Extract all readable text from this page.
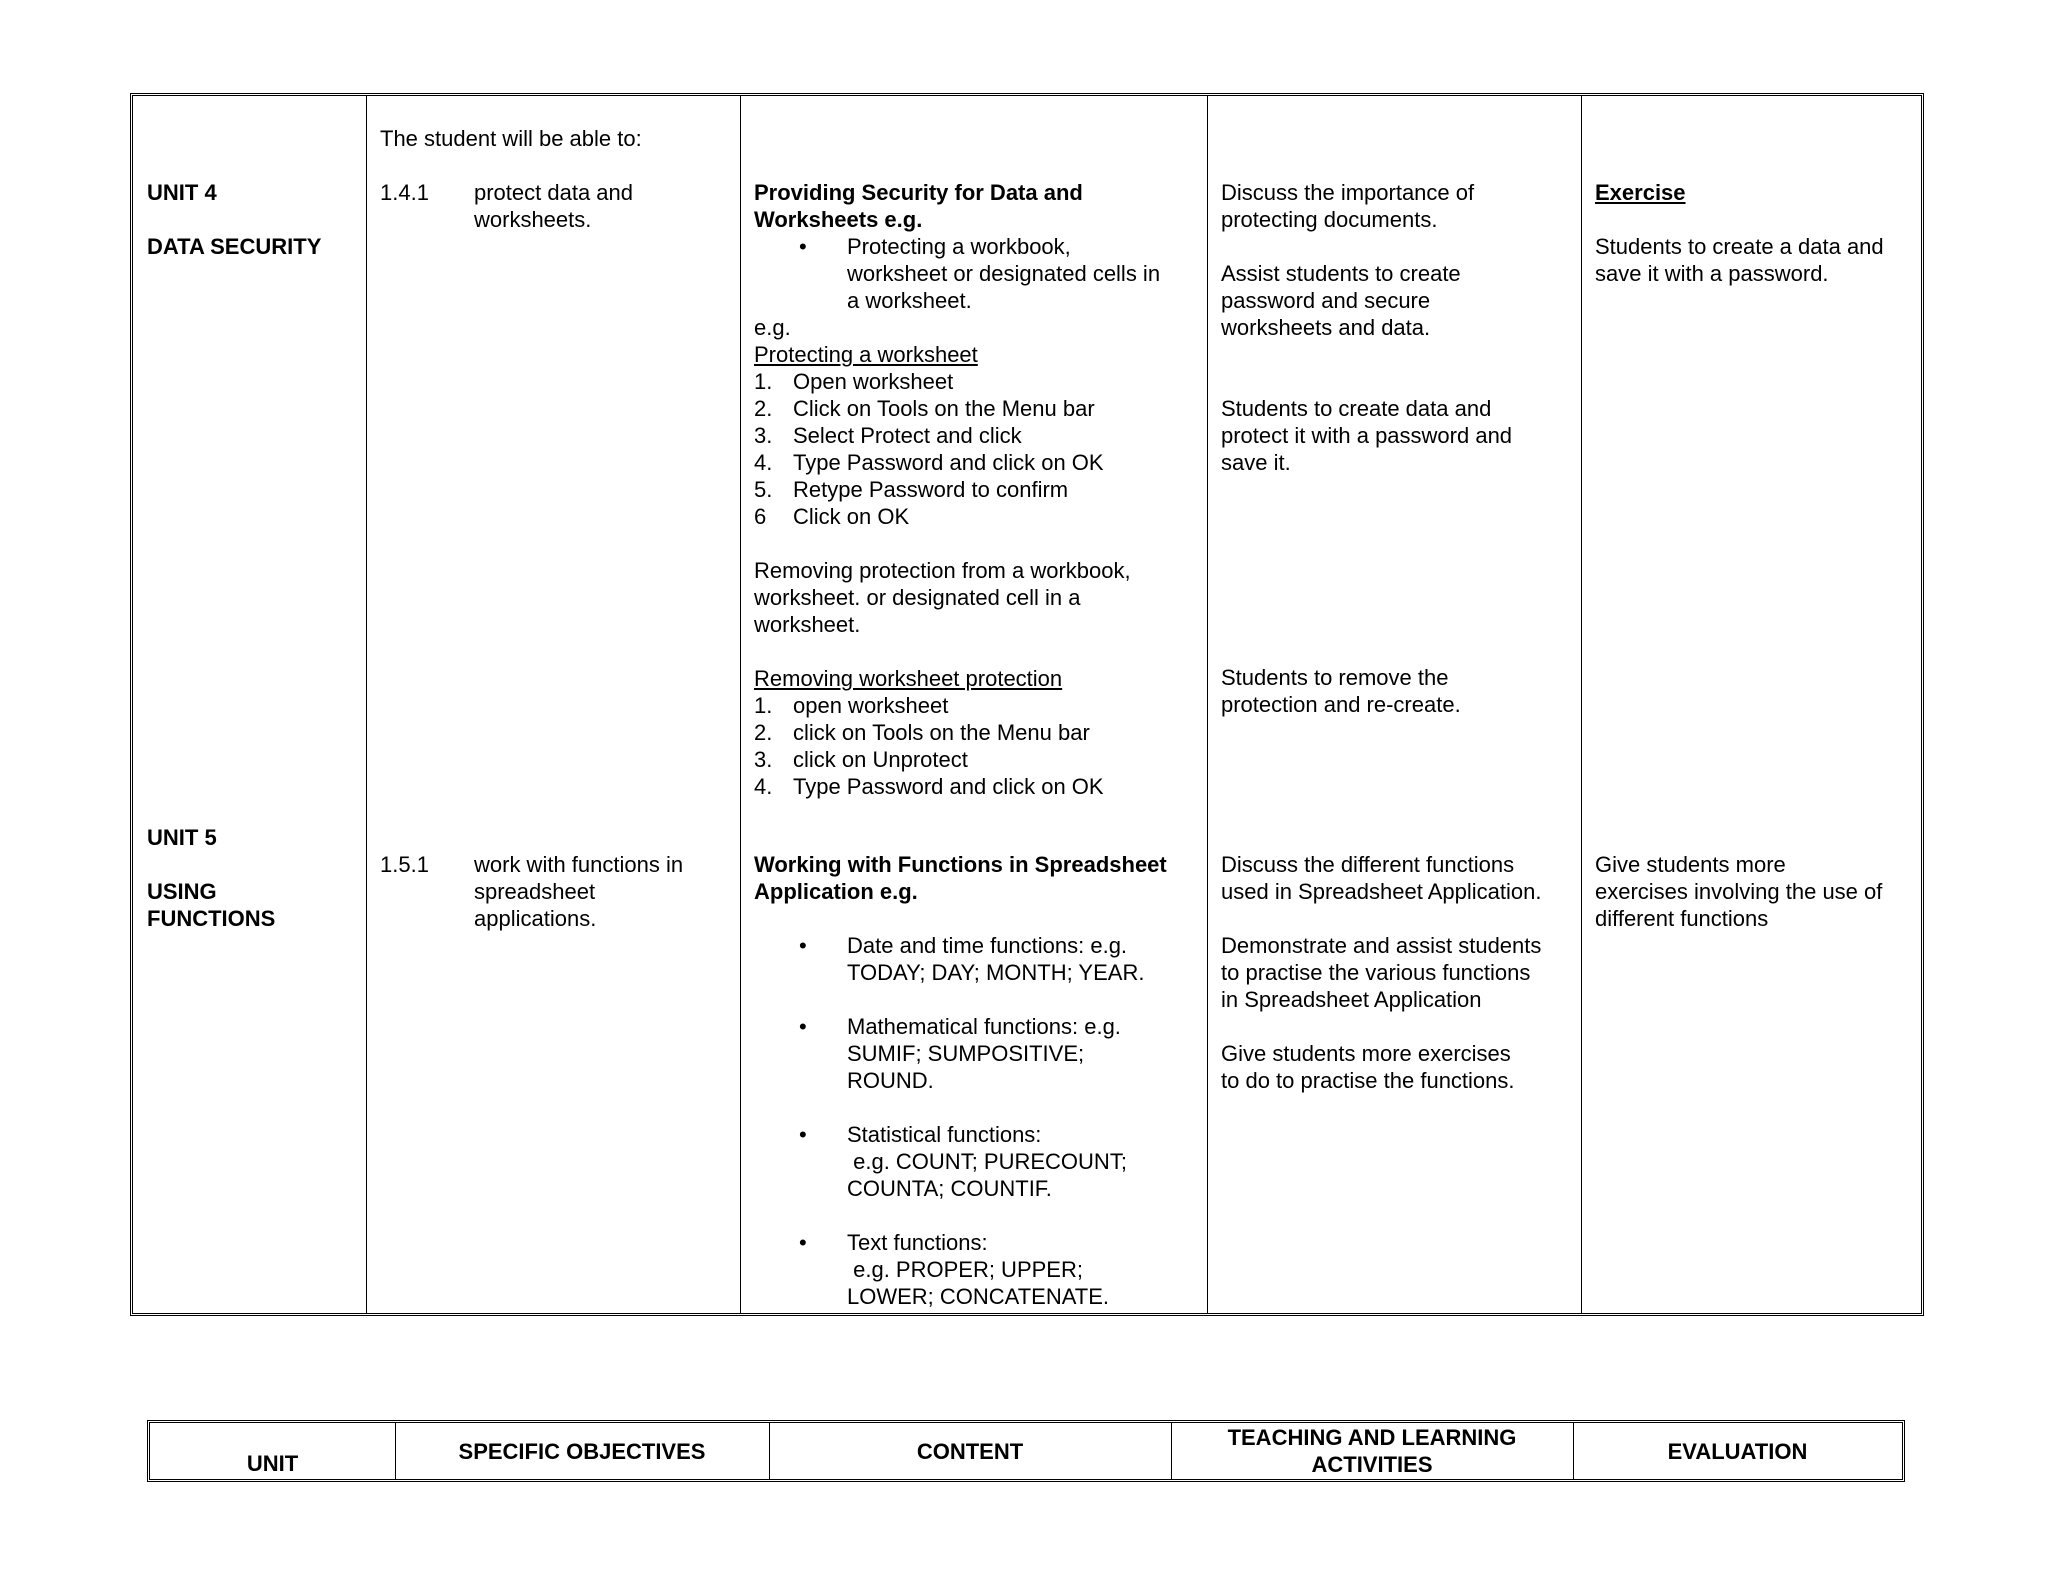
UNIT 4

DATA SECURITY

UNIT 5

USING

FUNCTIONS

The student will be able to:

1.4.1 protect data and

worksheets.

1.5.1 work with functions in

spreadsheet

applications.

Providing Security for Data and

Worksheets e.g.

• Protecting a workbook,
worksheet or designated cells in
a worksheet.

e.g.

Protecting a worksheet

1. Open worksheet
2. Click on Tools on the Menu bar
3. Select Protect and click
4. Type Password and click on OK
5. Retype Password to confirm
6 Click on OK

Removing protection from a workbook,

worksheet. or designated cell in a

worksheet.

Removing worksheet protection

1. open worksheet
2. click on Tools on the Menu bar
3. click on Unprotect
4. Type Password and click on OK

Working with Functions in Spreadsheet

Application e.g.

• Date and time functions: e.g.
TODAY; DAY; MONTH; YEAR.
• Mathematical functions: e.g.
SUMIF; SUMPOSITIVE;
ROUND.
• Statistical functions:
e.g. COUNT; PURECOUNT;
COUNTA; COUNTIF.
• Text functions:
e.g. PROPER; UPPER;
LOWER; CONCATENATE.

Discuss the importance of

protecting documents.

Assist students to create

password and secure

worksheets and data.

Students to create data and

protect it with a password and

save it.

Students to remove the

protection and re-create.

Discuss the different functions

used in Spreadsheet Application.

Demonstrate and assist students

to practise the various functions

in Spreadsheet Application

Give students more exercises

to do to practise the functions.

Exercise

Students to create a data and

save it with a password.

Give students more

exercises involving the use of

different functions

UNIT	SPECIFIC OBJECTIVES	CONTENT
TEACHING AND LEARNING
ACTIVITIES
EVALUATION
